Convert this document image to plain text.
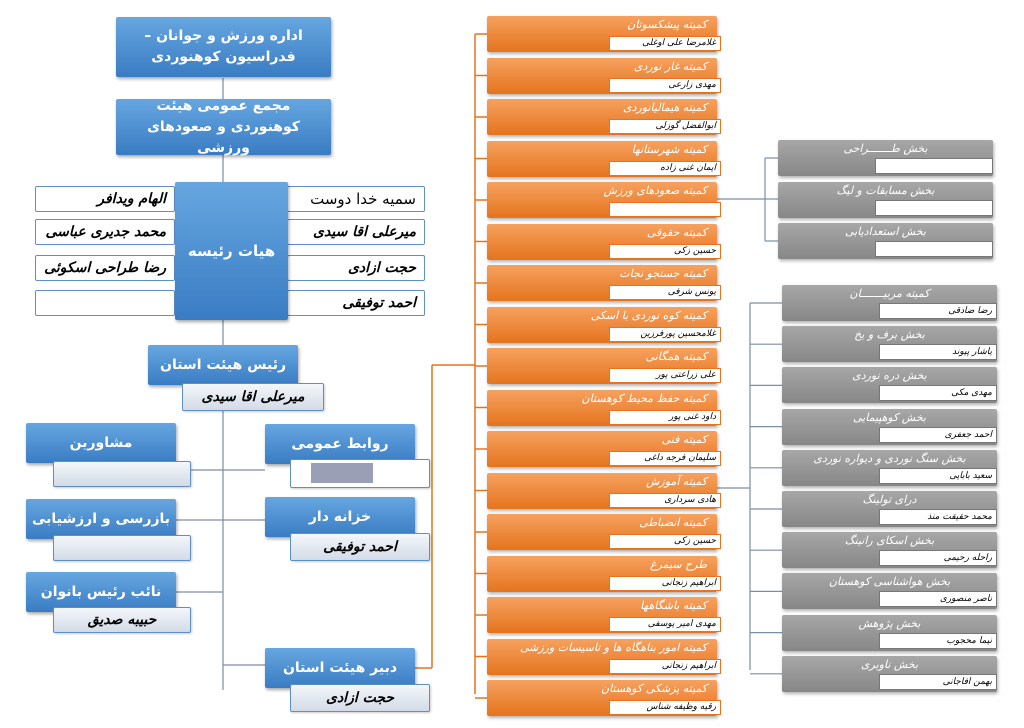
اداره ورزش و جوانان – فدراسیون کوهنوردی
مجمع عمومی هیئت کوهنوردی و صعودهای ورزشی
الهام ویدافر
محمد جدیری عباسی
رضا طراحی اسکوئی
سمیه خدا دوست
میرعلی اقا سیدی
حجت ازادی
احمد توفیقی
هیات رئیسه
رئیس هیئت استان
میرعلی اقا سیدی
مشاورین
بازرسی و ارزشیابی
نائب رئیس بانوان
حبیبه صدیق
روابط عمومی
خزانه دار
احمد توفیقی
دبیر هیئت استان
حجت ازادی
کمیته پیشکسوتان
غلامرضا علی اوغلی
کمیته غار نوردی
مهدی زارعی
کمیته هیمالیانوردی
ابوالفضل گوزلی
کمیته شهرستانها
ایمان غنی زاده
کمیته صعودهای ورزش
کمیته حقوقی
حسین زکی
کمیته جستجو نجات
یونس شرفی
کمیته کوه نوردی با اسکی
غلامحسین پورفرزین
کمیته همگانی
علی زراعتی پور
کمیته حفظ محیط کوهستان
داود غنی پور
کمیته فنی
سلیمان فرجه داغی
کمیته آموزش
هادی سرداری
کمیته انضباطی
حسین زکی
طرح سیمرغ
ابراهیم زنجانی
کمیته باشگاهها
مهدی امیر یوسفی
کمیته امور بناهگاه ها و تاسیسات ورزشی
ابراهیم زنجانی
کمیته پزشکی کوهستان
رقیه وظیفه شناس
بخش طـــــــراحی
بخش مسابقات و لیگ
بخش استعدادیابی
کمیته مربیـــــــان
رضا ضادقی
بخش برف و یخ
یاشار پیوند
بخش دره نوردی
مهدی مکی
بخش کوهپیمایی
احمد جعفری
بخش سنگ نوردی و دیواره نوردی
سعید بابایی
درای تولینگ
محمد حقیقت منذ
بخش اسکای رانینگ
راحله رحیمی
بخش هواشناسی کوهستان
ناصر منصوری
بخش پژوهش
نیما محجوب
بخش ناوبری
بهمن افاجانی
